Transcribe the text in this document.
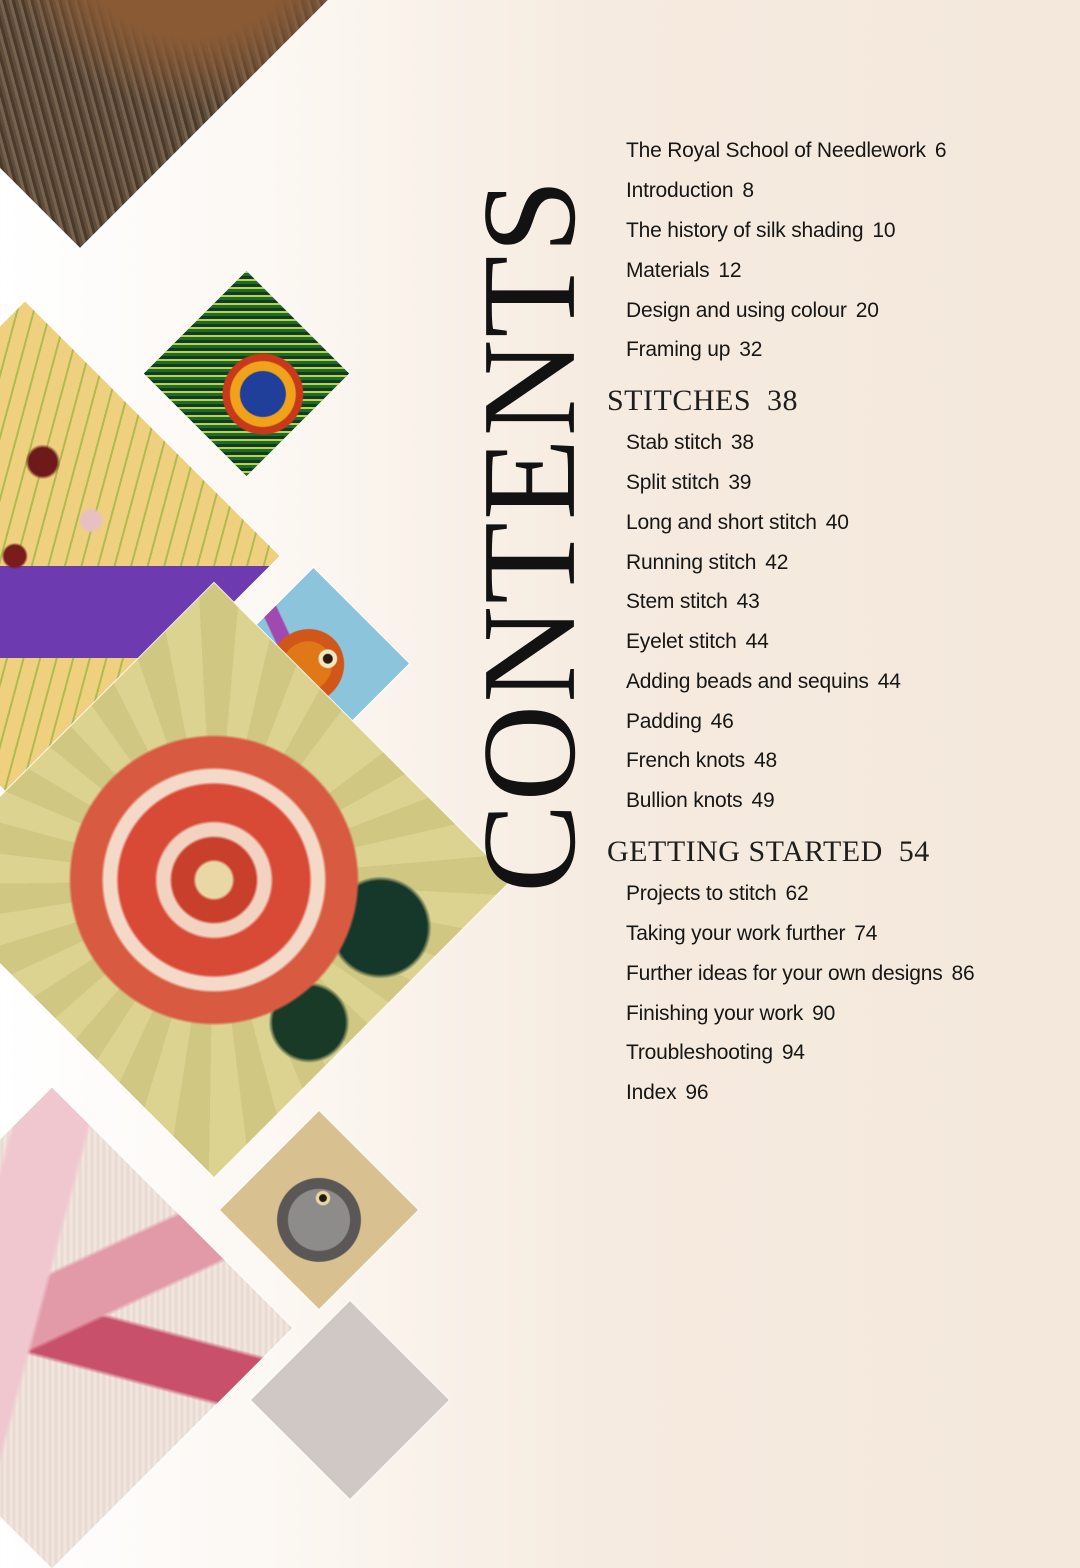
CONTENTS
The Royal School of Needlework 6
Introduction 8
The history of silk shading 10
Materials 12
Design and using colour 20
Framing up 32
STITCHES 38
Stab stitch 38
Split stitch 39
Long and short stitch 40
Running stitch 42
Stem stitch 43
Eyelet stitch 44
Adding beads and sequins 44
Padding 46
French knots 48
Bullion knots 49
GETTING STARTED 54
Projects to stitch 62
Taking your work further 74
Further ideas for your own designs 86
Finishing your work 90
Troubleshooting 94
Index 96
